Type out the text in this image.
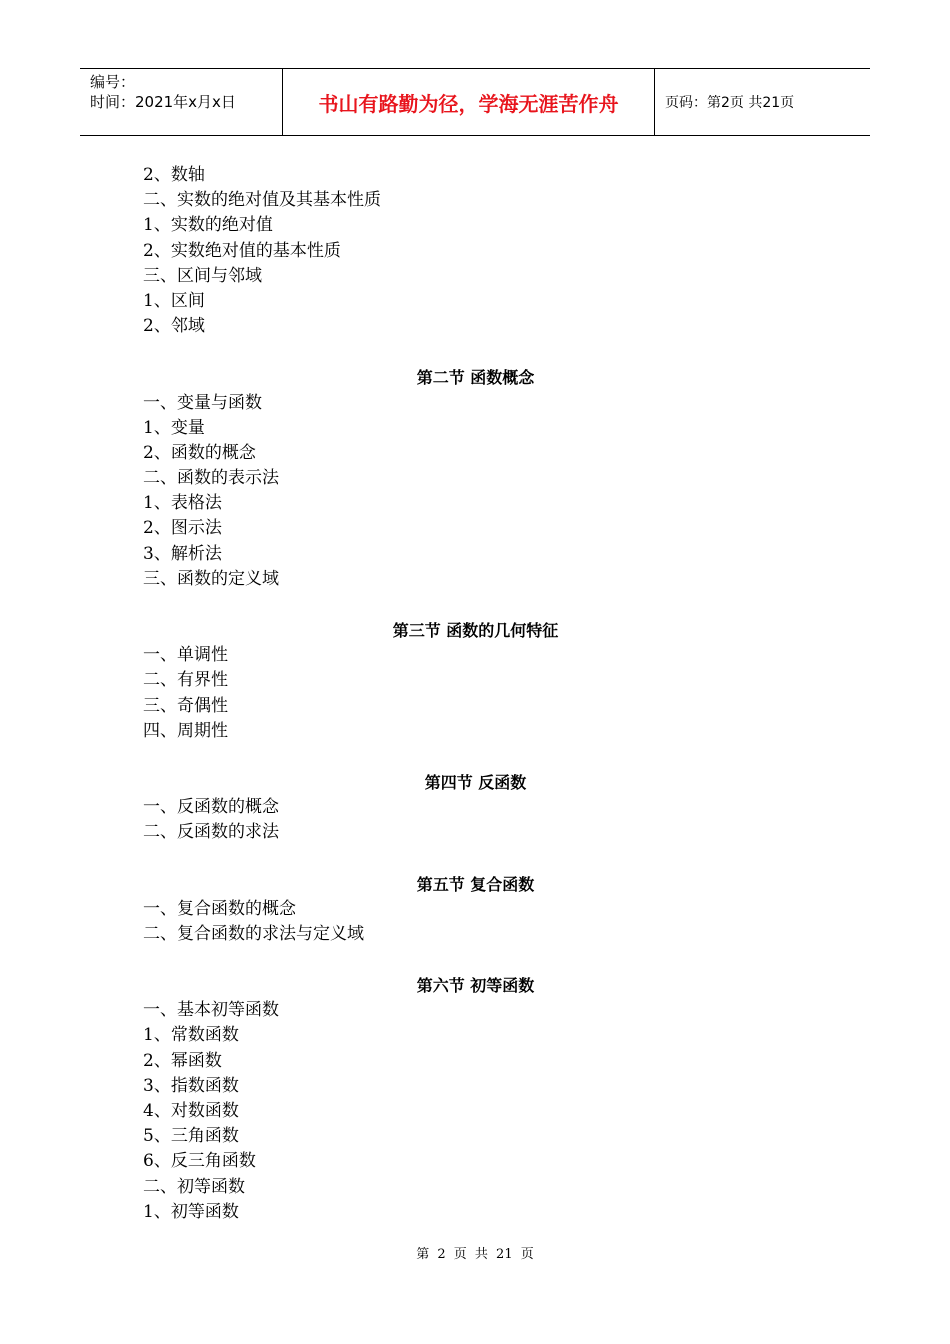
编号：
时间：2021年x月x日	书山有路勤为径，学海无涯苦作舟	页码：第2页 共21页
2、数轴
二、实数的绝对值及其基本性质
1、实数的绝对值
2、实数绝对值的基本性质
三、区间与邻域
1、区间
2、邻域
第二节 函数概念
一、变量与函数
1、变量
2、函数的概念
二、函数的表示法
1、表格法
2、图示法
3、解析法
三、函数的定义域
第三节 函数的几何特征
一、单调性
二、有界性
三、奇偶性
四、周期性
第四节 反函数
一、反函数的概念
二、反函数的求法
第五节 复合函数
一、复合函数的概念
二、复合函数的求法与定义域
第六节 初等函数
一、基本初等函数
1、常数函数
2、幂函数
3、指数函数
4、对数函数
5、三角函数
6、反三角函数
二、初等函数
1、初等函数
第 2 页 共 21 页
